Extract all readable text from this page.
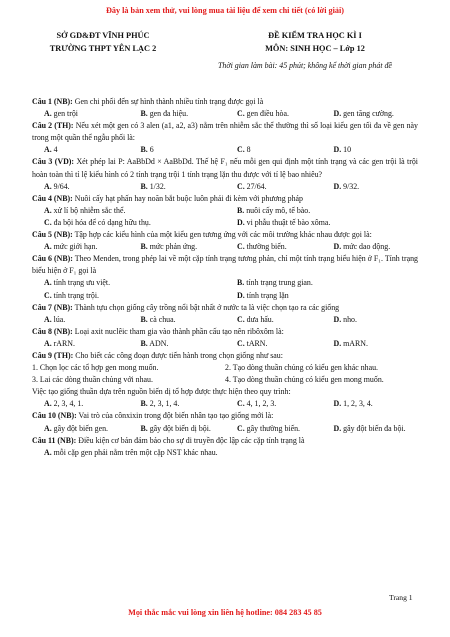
Đây là bản xem thử, vui lòng mua tài liệu để xem chi tiết (có lời giải)
SỞ GD&ĐT VĨNH PHÚC
TRƯỜNG THPT YÊN LẠC 2
ĐỀ KIỂM TRA HỌC KÌ I
MÔN: SINH HỌC – Lớp 12
Thời gian làm bài: 45 phút; không kể thời gian phát đề

Câu 1 (NB): Gen chi phối đến sự hình thành nhiều tính trạng được gọi là

A. gen trội	B. gen đa hiệu.	C. gen điều hòa.	D. gen tăng cường.

Câu 2 (TH): Nếu xét một gen có 3 alen (a1, a2, a3) nằm trên nhiễm sắc thể thường thì số loại kiểu gen tối đa về gen này trong một quần thể ngẫu phối là:

A. 4	B. 6	C. 8	D. 10

Câu 3 (VD): Xét phép lai P: AaBbDd × AaBbDd. Thế hệ F₁ nếu mỗi gen qui định một tính trạng và các gen trội là trội hoàn toàn thì tỉ lệ kiểu hình có 2 tính trạng trội 1 tính trạng lặn thu được với tỉ lệ bao nhiêu?

A. 9/64.	B. 1/32.	C. 27/64.	D. 9/32.

Câu 4 (NB): Nuôi cấy hạt phấn hay noãn bắt buộc luôn phải đi kèm với phương pháp

A. xử lí bộ nhiễm sắc thể.	B. nuôi cấy mô, tế bào.
C. đa bội hóa để có dạng hữu thụ.	D. vi phẫu thuật tế bào xôma.

Câu 5 (NB): Tập hợp các kiểu hình của một kiểu gen tương ứng với các môi trường khác nhau được gọi là:

A. mức giới hạn.	B. mức phản ứng.	C. thường biến.	D. mức dao động.

Câu 6 (NB): Theo Menden, trong phép lai về một cặp tính trạng tương phản, chỉ một tính trạng biểu hiện ở F₁. Tính trạng biểu hiện ở F₁ gọi là

A. tính trạng ưu việt.	B. tính trạng trung gian.
C. tính trạng trội.	D. tính trạng lặn

Câu 7 (NB): Thành tựu chọn giống cây trồng nổi bật nhất ở nước ta là việc chọn tạo ra các giống

A. lúa.	B. cà chua.	C. dưa hấu.	D. nho.

Câu 8 (NB): Loại axit nuclêic tham gia vào thành phần cấu tạo nên ribôxôm là:

A. rARN.	B. ADN.	C. tARN.	D. mARN.

Câu 9 (TH): Cho biết các công đoạn được tiến hành trong chọn giống như sau:

1. Chọn lọc các tổ hợp gen mong muốn.	2. Tạo dòng thuần chủng có kiểu gen khác nhau.
3. Lai các dòng thuần chủng với nhau.	4. Tạo dòng thuần chủng có kiểu gen mong muốn.

Việc tạo giống thuần dựa trên nguồn biến dị tổ hợp được thực hiện theo quy trình:

A. 2, 3, 4, 1.	B. 2, 3, 1, 4.	C. 4, 1, 2, 3.	D. 1, 2, 3, 4.

Câu 10 (NB): Vai trò của cônxixin trong đột biến nhân tạo tạo giống mới là:

A. gây đột biến gen.	B. gây đột biến dị bội.	C. gây thường biến.	D. gây đột biến đa bội.

Câu 11 (NB): Điều kiện cơ bản đảm bảo cho sự di truyền độc lập các cặp tính trạng là

A. mỗi cặp gen phải nằm trên một cặp NST khác nhau.
Trang 1
Mọi thắc mắc vui lòng xin liên hệ hotline: 084 283 45 85
